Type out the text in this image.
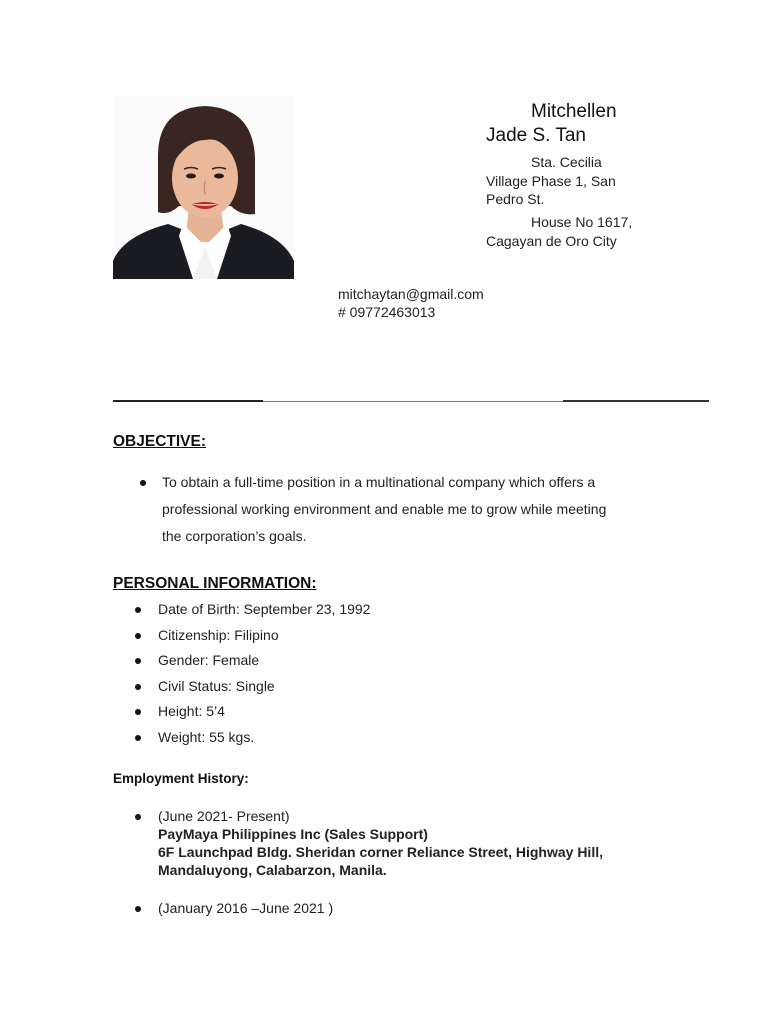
Mitchellen
Jade S. Tan
Sta. Cecilia
Village Phase 1, San
Pedro St.
House No 1617,
Cagayan de Oro City
mitchaytan@gmail.com
# 09772463013
OBJECTIVE:
To obtain a full-time position in a multinational company which offers a
professional working environment and enable me to grow while meeting
the corporation’s goals.
PERSONAL INFORMATION:
Date of Birth: September 23, 1992
Citizenship: Filipino
Gender: Female
Civil Status: Single
Height: 5’4
Weight: 55 kgs.
Employment History:
(June 2021- Present)
PayMaya Philippines Inc (Sales Support)
6F Launchpad Bldg. Sheridan corner Reliance Street, Highway Hill,
Mandaluyong, Calabarzon, Manila.
(January 2016 –June 2021 )
